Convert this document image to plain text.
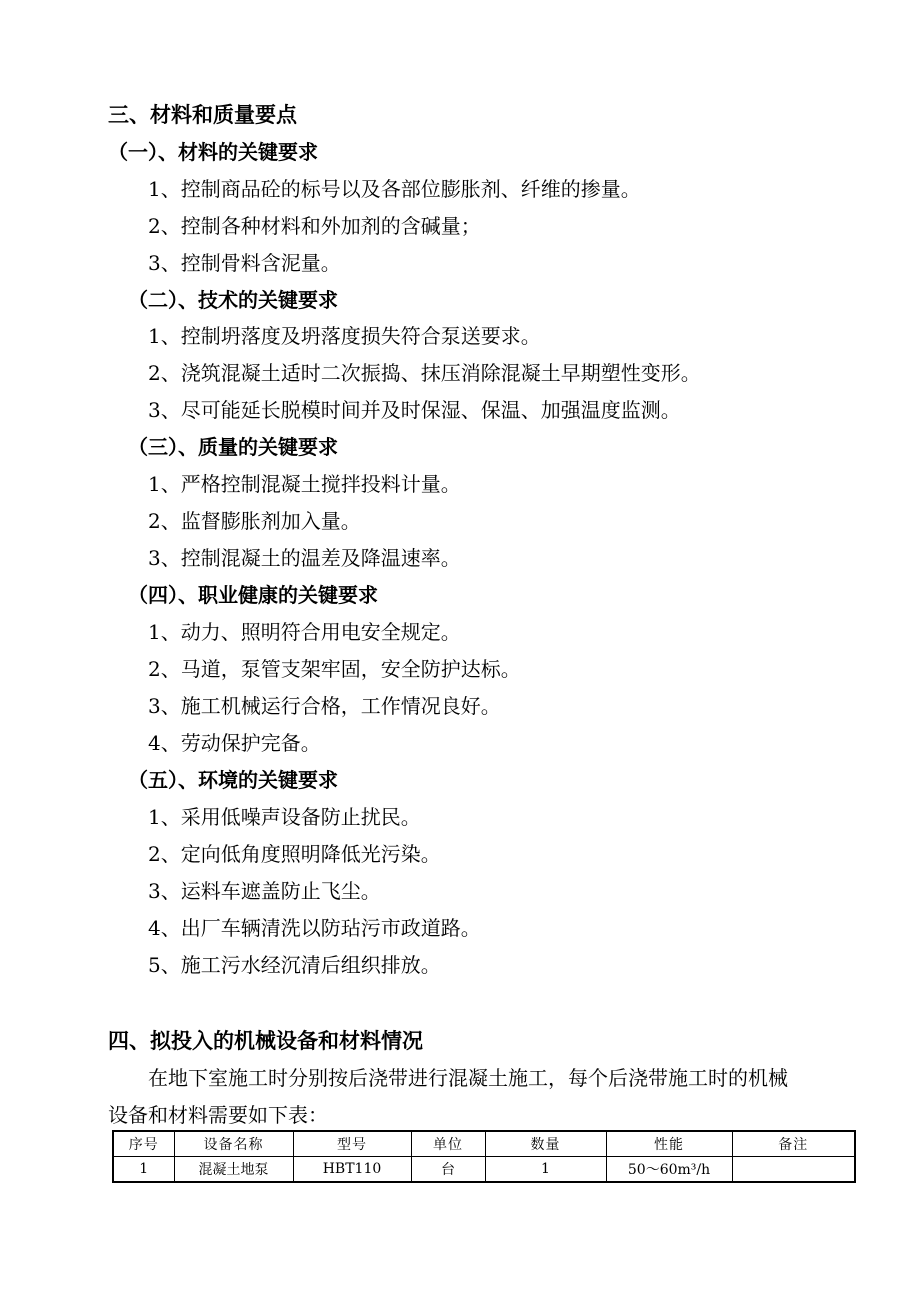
三、材料和质量要点
（一）、材料的关键要求
1、控制商品砼的标号以及各部位膨胀剂、纤维的掺量。
2、控制各种材料和外加剂的含碱量；
3、控制骨料含泥量。
（二）、技术的关键要求
1、控制坍落度及坍落度损失符合泵送要求。
2、浇筑混凝土适时二次振捣、抹压消除混凝土早期塑性变形。
3、尽可能延长脱模时间并及时保湿、保温、加强温度监测。
（三）、质量的关键要求
1、严格控制混凝土搅拌投料计量。
2、监督膨胀剂加入量。
3、控制混凝土的温差及降温速率。
（四）、职业健康的关键要求
1、动力、照明符合用电安全规定。
2、马道，泵管支架牢固，安全防护达标。
3、施工机械运行合格，工作情况良好。
4、劳动保护完备。
（五）、环境的关键要求
1、采用低噪声设备防止扰民。
2、定向低角度照明降低光污染。
3、运料车遮盖防止飞尘。
4、出厂车辆清洗以防玷污市政道路。
5、施工污水经沉清后组织排放。
四、拟投入的机械设备和材料情况
在地下室施工时分别按后浇带进行混凝土施工，每个后浇带施工时的机械
设备和材料需要如下表：
序号	设备名称	型号	单位	数量	性能	备注
1	混凝土地泵	HBT110	台	1	50～60m³/h	
